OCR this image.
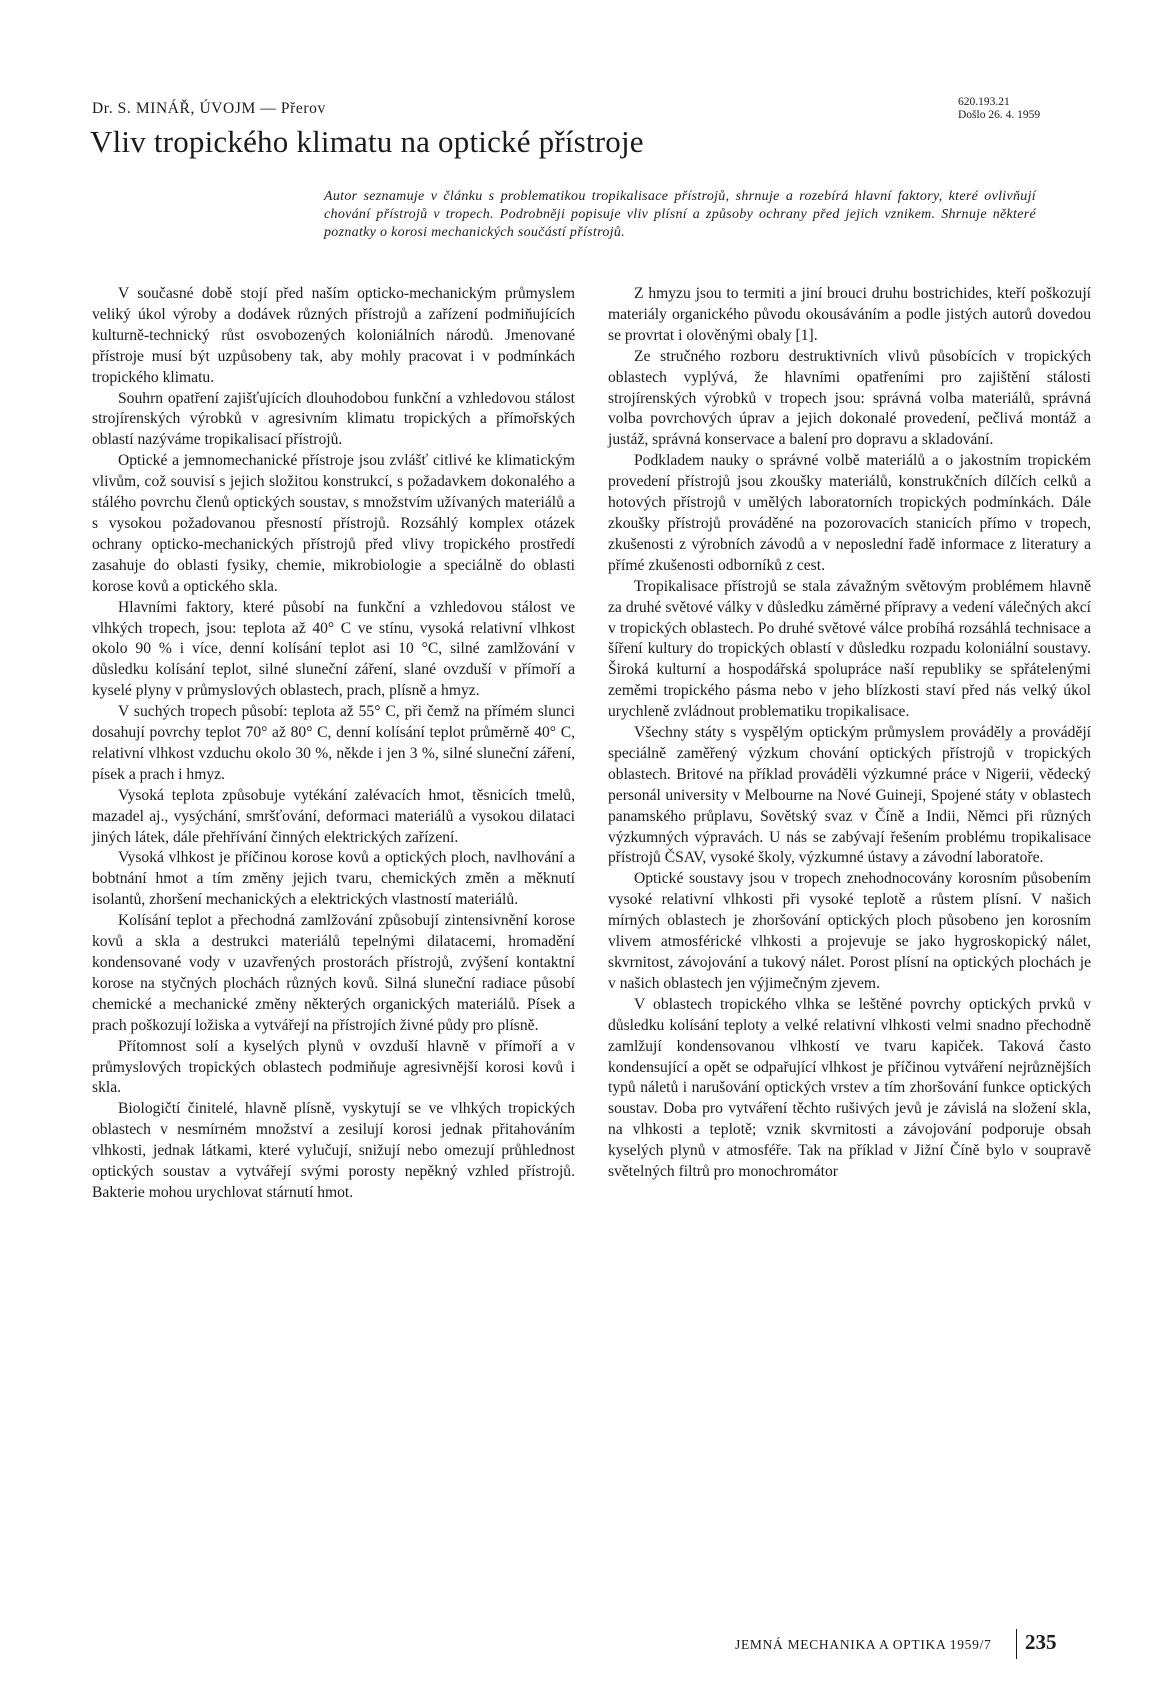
Dr. S. MINÁŘ, ÚVOJM — Přerov	620.193.21
Došlo 26. 4. 1959
Vliv tropického klimatu na optické přístroje

Autor seznamuje v článku s problematikou tropikalisace přístrojů, shrnuje a rozebírá hlavní faktory, které ovlivňují chování přístrojů v tropech. Podrobněji popisuje vliv plísní a způsoby ochrany před jejich vznikem. Shrnuje některé poznatky o korosi mechanických součástí přístrojů.

V současné době stojí před naším opticko-mechanickým průmyslem veliký úkol výroby a dodávek různých přístrojů a zařízení podmiňujících kulturně-technický růst osvobozených koloniálních národů. Jmenované přístroje musí být uzpůsobeny tak, aby mohly pracovat i v podmínkách tropického klimatu.

Souhrn opatření zajišťujících dlouhodobou funkční a vzhledovou stálost strojírenských výrobků v agresivním klimatu tropických a přímořských oblastí nazýváme tropikalisací přístrojů.

Optické a jemnomechanické přístroje jsou zvlášť citlivé ke klimatickým vlivům, což souvisí s jejich složitou konstrukcí, s požadavkem dokonalého a stálého povrchu členů optických soustav, s množstvím užívaných materiálů a s vysokou požadovanou přesností přístrojů. Rozsáhlý komplex otázek ochrany opticko-mechanických přístrojů před vlivy tropického prostředí zasahuje do oblasti fysiky, chemie, mikrobiologie a speciálně do oblasti korose kovů a optického skla.

Hlavními faktory, které působí na funkční a vzhledovou stálost ve vlhkých tropech, jsou: teplota až 40° C ve stínu, vysoká relativní vlhkost okolo 90 % i více, denní kolísání teplot asi 10 °C, silné zamlžování v důsledku kolísání teplot, silné sluneční záření, slané ovzduší v přímoří a kyselé plyny v průmyslových oblastech, prach, plísně a hmyz.

V suchých tropech působí: teplota až 55° C, při čemž na přímém slunci dosahují povrchy teplot 70° až 80° C, denní kolísání teplot průměrně 40° C, relativní vlhkost vzduchu okolo 30 %, někde i jen 3 %, silné sluneční záření, písek a prach i hmyz.

Vysoká teplota způsobuje vytékání zalévacích hmot, těsnicích tmelů, mazadel aj., vysýchání, smršťování, deformaci materiálů a vysokou dilataci jiných látek, dále přehřívání činných elektrických zařízení.

Vysoká vlhkost je příčinou korose kovů a optických ploch, navlhování a bobtnání hmot a tím změny jejich tvaru, chemických změn a měknutí isolantů, zhoršení mechanických a elektrických vlastností materiálů.

Kolísání teplot a přechodná zamlžování způsobují zintensivnění korose kovů a skla a destrukci materiálů tepelnými dilatacemi, hromadění kondensované vody v uzavřených prostorách přístrojů, zvýšení kontaktní korose na styčných plochách různých kovů. Silná sluneční radiace působí chemické a mechanické změny některých organických materiálů. Písek a prach poškozují ložiska a vytvářejí na přístrojích živné půdy pro plísně.

Přítomnost solí a kyselých plynů v ovzduší hlavně v přímoří a v průmyslových tropických oblastech podmiňuje agresivnější korosi kovů i skla.

Biologičtí činitelé, hlavně plísně, vyskytují se ve vlhkých tropických oblastech v nesmírném množství a zesilují korosi jednak přitahováním vlhkosti, jednak látkami, které vylučují, snižují nebo omezují průhlednost optických soustav a vytvářejí svými porosty nepěkný vzhled přístrojů. Bakterie mohou urychlovat stárnutí hmot.

Z hmyzu jsou to termiti a jiní brouci druhu bostrichides, kteří poškozují materiály organického původu okousáváním a podle jistých autorů dovedou se provrtat i olověnými obaly [1].

Ze stručného rozboru destruktivních vlivů působících v tropických oblastech vyplývá, že hlavními opatřeními pro zajištění stálosti strojírenských výrobků v tropech jsou: správná volba materiálů, správná volba povrchových úprav a jejich dokonalé provedení, pečlivá montáž a justáž, správná konservace a balení pro dopravu a skladování.

Podkladem nauky o správné volbě materiálů a o jakostním tropickém provedení přístrojů jsou zkoušky materiálů, konstrukčních dílčích celků a hotových přístrojů v umělých laboratorních tropických podmínkách. Dále zkoušky přístrojů prováděné na pozorovacích stanicích přímo v tropech, zkušenosti z výrobních závodů a v neposlední řadě informace z literatury a přímé zkušenosti odborníků z cest.

Tropikalisace přístrojů se stala závažným světovým problémem hlavně za druhé světové války v důsledku záměrné přípravy a vedení válečných akcí v tropických oblastech. Po druhé světové válce probíhá rozsáhlá technisace a šíření kultury do tropických oblastí v důsledku rozpadu koloniální soustavy. Široká kulturní a hospodářská spolupráce naší republiky se spřátelenými zeměmi tropického pásma nebo v jeho blízkosti staví před nás velký úkol urychleně zvládnout problematiku tropikalisace.

Všechny státy s vyspělým optickým průmyslem prováděly a provádějí speciálně zaměřený výzkum chování optických přístrojů v tropických oblastech. Britové na příklad prováděli výzkumné práce v Nigerii, vědecký personál university v Melbourne na Nové Guineji, Spojené státy v oblastech panamského průplavu, Sovětský svaz v Číně a Indii, Němci při různých výzkumných výpravách. U nás se zabývají řešením problému tropikalisace přístrojů ČSAV, vysoké školy, výzkumné ústavy a závodní laboratoře.

Optické soustavy jsou v tropech znehodnocovány korosním působením vysoké relativní vlhkosti při vysoké teplotě a růstem plísní. V našich mírných oblastech je zhoršování optických ploch působeno jen korosním vlivem atmosférické vlhkosti a projevuje se jako hygroskopický nálet, skvrnitost, závojování a tukový nálet. Porost plísní na optických plochách je v našich oblastech jen výjimečným zjevem.

V oblastech tropického vlhka se leštěné povrchy optických prvků v důsledku kolísání teploty a velké relativní vlhkosti velmi snadno přechodně zamlžují kondensovanou vlhkostí ve tvaru kapiček. Taková často kondensující a opět se odpařující vlhkost je příčinou vytváření nejrůznějších typů náletů i narušování optických vrstev a tím zhoršování funkce optických soustav. Doba pro vytváření těchto rušivých jevů je závislá na složení skla, na vlhkosti a teplotě; vznik skvrnitosti a závojování podporuje obsah kyselých plynů v atmosféře. Tak na příklad v Jižní Číně bylo v soupravě světelných filtrů pro monochromátor

JEMNÁ MECHANIKA A OPTIKA 1959/7 235
